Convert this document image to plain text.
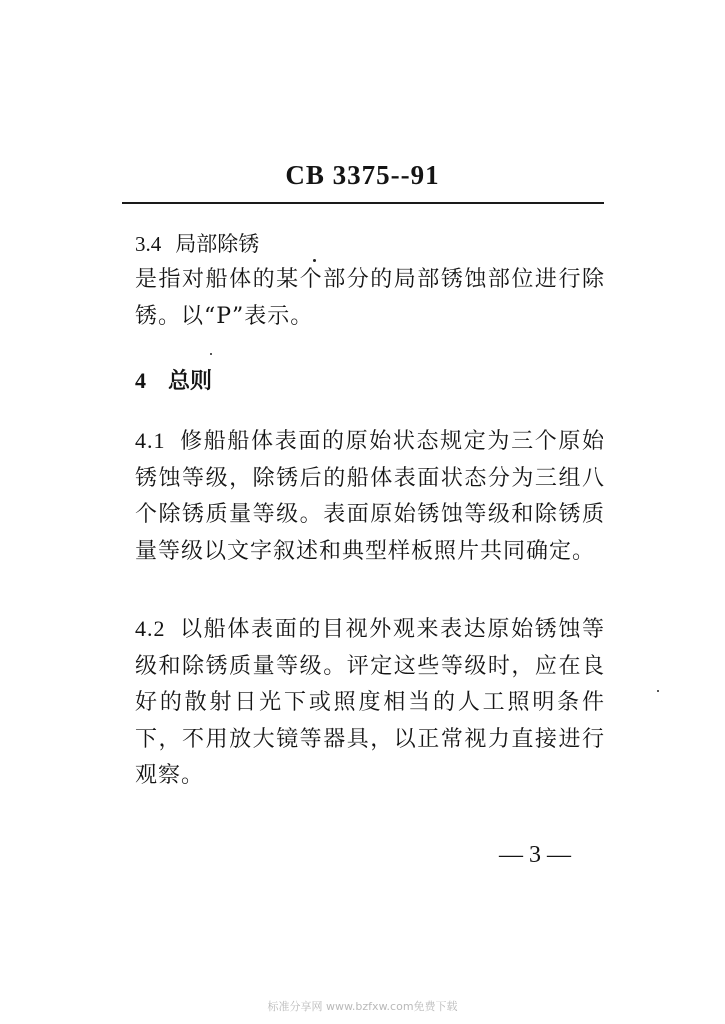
CB 3375--91
3.4 局部除锈
是指对船体的某个部分的局部锈蚀部位进行除锈。以“P”表示。
4 总则
4.1 修船船体表面的原始状态规定为三个原始锈蚀等级，除锈后的船体表面状态分为三组八个除锈质量等级。表面原始锈蚀等级和除锈质量等级以文字叙述和典型样板照片共同确定。
4.2 以船体表面的目视外观来表达原始锈蚀等级和除锈质量等级。评定这些等级时，应在良好的散射日光下或照度相当的人工照明条件下，不用放大镜等器具，以正常视力直接进行观察。
— 3 —
标准分享网 www.bzfxw.com免费下载
